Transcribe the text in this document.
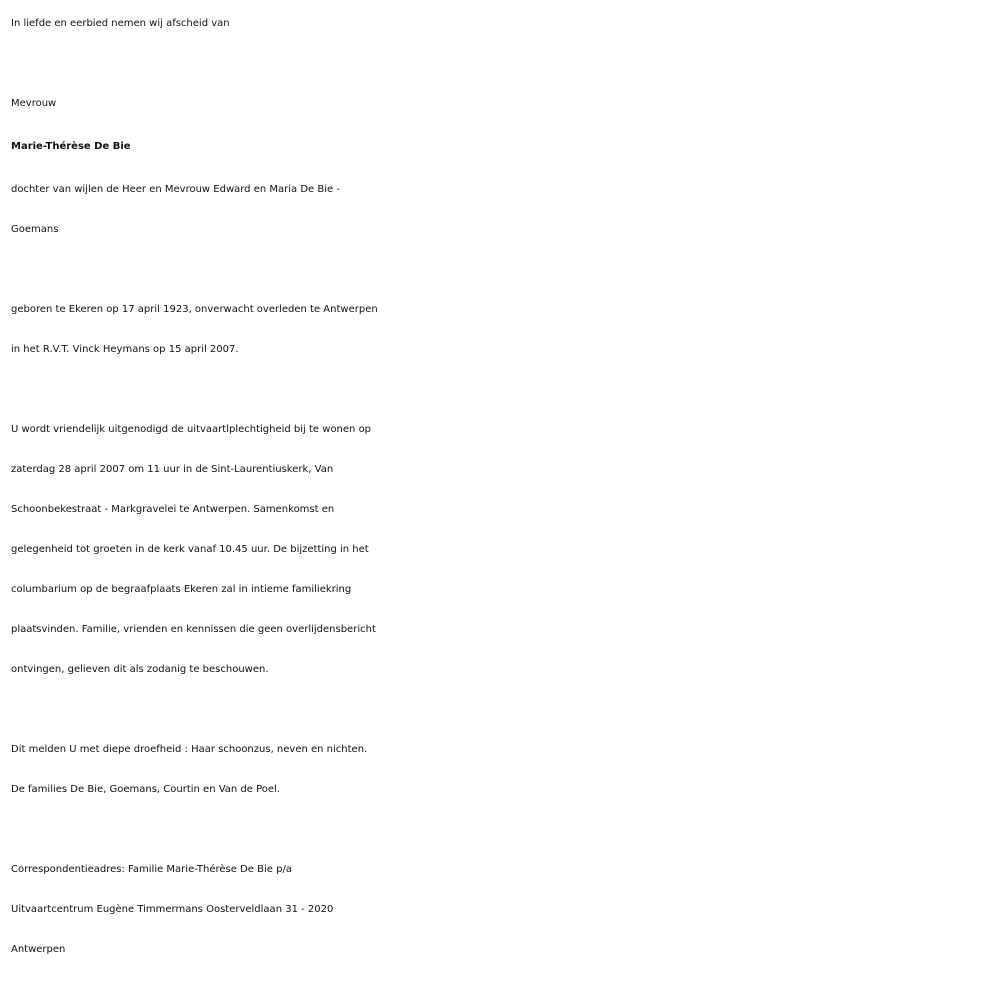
In liefde en eerbied nemen wij afscheid van
Mevrouw
Marie-Thérèse De Bie
dochter van wijlen de Heer en Mevrouw Edward en Maria De Bie -
Goemans
geboren te Ekeren op 17 april 1923, onverwacht overleden te Antwerpen
in het R.V.T. Vinck Heymans op 15 april 2007.
U wordt vriendelijk uitgenodigd de uitvaartlplechtigheid bij te wonen op
zaterdag 28 april 2007 om 11 uur in de Sint-Laurentiuskerk, Van
Schoonbekestraat - Markgravelei te Antwerpen. Samenkomst en
gelegenheid tot groeten in de kerk vanaf 10.45 uur. De bijzetting in het
columbarium op de begraafplaats Ekeren zal in intieme familiekring
plaatsvinden. Familie, vrienden en kennissen die geen overlijdensbericht
ontvingen, gelieven dit als zodanig te beschouwen.
Dit melden U met diepe droefheid : Haar schoonzus, neven en nichten.
De families De Bie, Goemans, Courtin en Van de Poel.
Correspondentieadres: Familie Marie-Thérèse De Bie p/a
Uitvaartcentrum Eugène Timmermans Oosterveldlaan 31 - 2020
Antwerpen
